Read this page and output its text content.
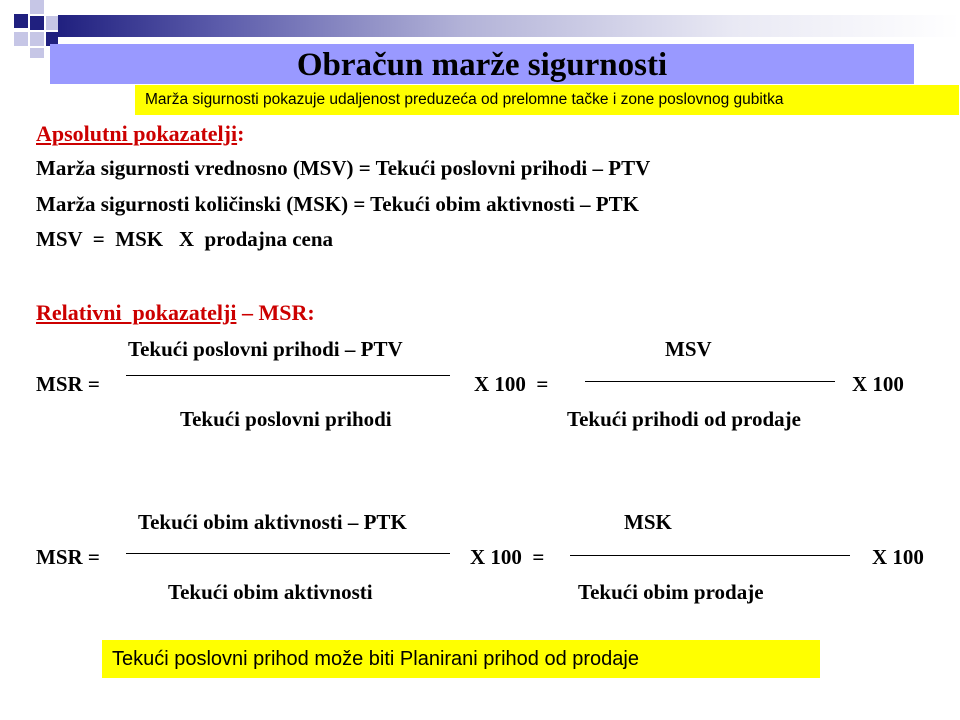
Obračun marže sigurnosti
Marža sigurnosti pokazuje udaljenost preduzeća od prelomne tačke i zone poslovnog gubitka
Apsolutni pokazatelji:
Marža sigurnosti vrednosno (MSV) = Tekući poslovni prihodi – PTV
Marža sigurnosti količinski (MSK) = Tekući obim aktivnosti – PTK
MSV  =  MSK   X  prodajna cena
Relativni  pokazatelji – MSR:
Tekući poslovni prihodi – PTV
MSR =	X 100  =
Tekući poslovni prihodi
MSV
Tekući prihodi od prodaje
X 100
Tekući obim aktivnosti – PTK
MSR =	X 100  =
Tekući obim aktivnosti
MSK
Tekući obim prodaje
X 100
Tekući poslovni prihod može biti Planirani prihod od prodaje
